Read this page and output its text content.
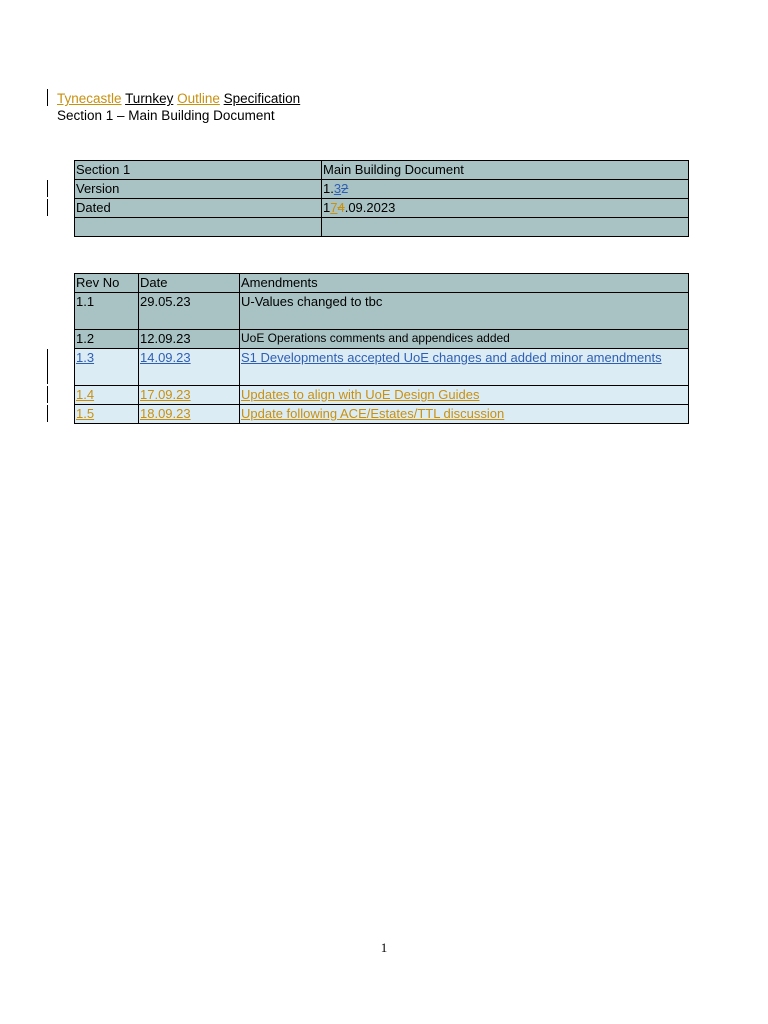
Tynecastle Turnkey Outline Specification
Section 1 – Main Building Document
Section 1	Main Building Document
Version	1.32
Dated	174.09.2023

Rev No	Date	Amendments
1.1	29.05.23	U-Values changed to tbc
1.2	12.09.23	UoE Operations comments and appendices added
1.3	14.09.23	S1 Developments accepted UoE changes and added minor amendments
1.4	17.09.23	Updates to align with UoE Design Guides
1.5	18.09.23	Update following ACE/Estates/TTL discussion
1
